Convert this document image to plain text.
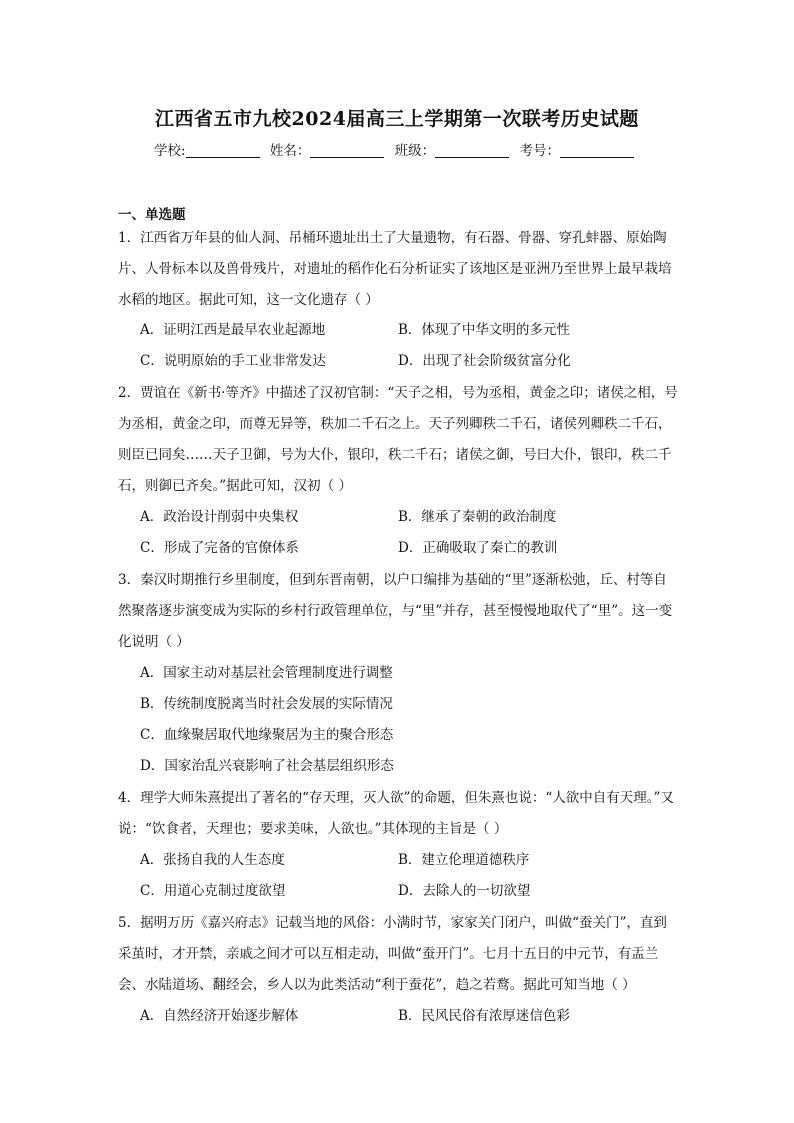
江西省五市九校2024届高三上学期第一次联考历史试题
学校:	姓名：	班级：	考号：
一、单选题
1．江西省万年县的仙人洞、吊桶环遗址出土了大量遗物，有石器、骨器、穿孔蚌器、原始陶片、人骨标本以及兽骨残片，对遗址的稻作化石分析证实了该地区是亚洲乃至世界上最早栽培水稻的地区。据此可知，这一文化遗存（ ）
A．证明江西是最早农业起源地	B．体现了中华文明的多元性
C．说明原始的手工业非常发达	D．出现了社会阶级贫富分化
2．贾谊在《新书·等齐》中描述了汉初官制：“天子之相，号为丞相，黄金之印；诸侯之相，号为丞相，黄金之印，而尊无异等，秩加二千石之上。天子列卿秩二千石，诸侯列卿秩二千石，则臣已同矣……天子卫御，号为大仆，银印，秩二千石；诸侯之御，号曰大仆，银印，秩二千石，则御已齐矣。”据此可知，汉初（ ）
A．政治设计削弱中央集权	B．继承了秦朝的政治制度
C．形成了完备的官僚体系	D．正确吸取了秦亡的教训
3．秦汉时期推行乡里制度，但到东晋南朝，以户口编排为基础的“里”逐渐松弛，丘、村等自然聚落逐步演变成为实际的乡村行政管理单位，与“里”并存，甚至慢慢地取代了“里”。这一变化说明（ ）
A．国家主动对基层社会管理制度进行调整
B．传统制度脱离当时社会发展的实际情况
C．血缘聚居取代地缘聚居为主的聚合形态
D．国家治乱兴衰影响了社会基层组织形态
4．理学大师朱熹提出了著名的“存天理，灭人欲”的命题，但朱熹也说：“人欲中自有天理。”又说：“饮食者，天理也；要求美味，人欲也。”其体现的主旨是（ ）
A．张扬自我的人生态度	B．建立伦理道德秩序
C．用道心克制过度欲望	D．去除人的一切欲望
5．据明万历《嘉兴府志》记载当地的风俗：小满时节，家家关门闭户，叫做“蚕关门”，直到采茧时，才开禁，亲戚之间才可以互相走动，叫做“蚕开门”。七月十五日的中元节，有盂兰会、水陆道场、翻经会，乡人以为此类活动“利于蚕花”，趋之若鹜。据此可知当地（ ）
A．自然经济开始逐步解体	B．民风民俗有浓厚迷信色彩
